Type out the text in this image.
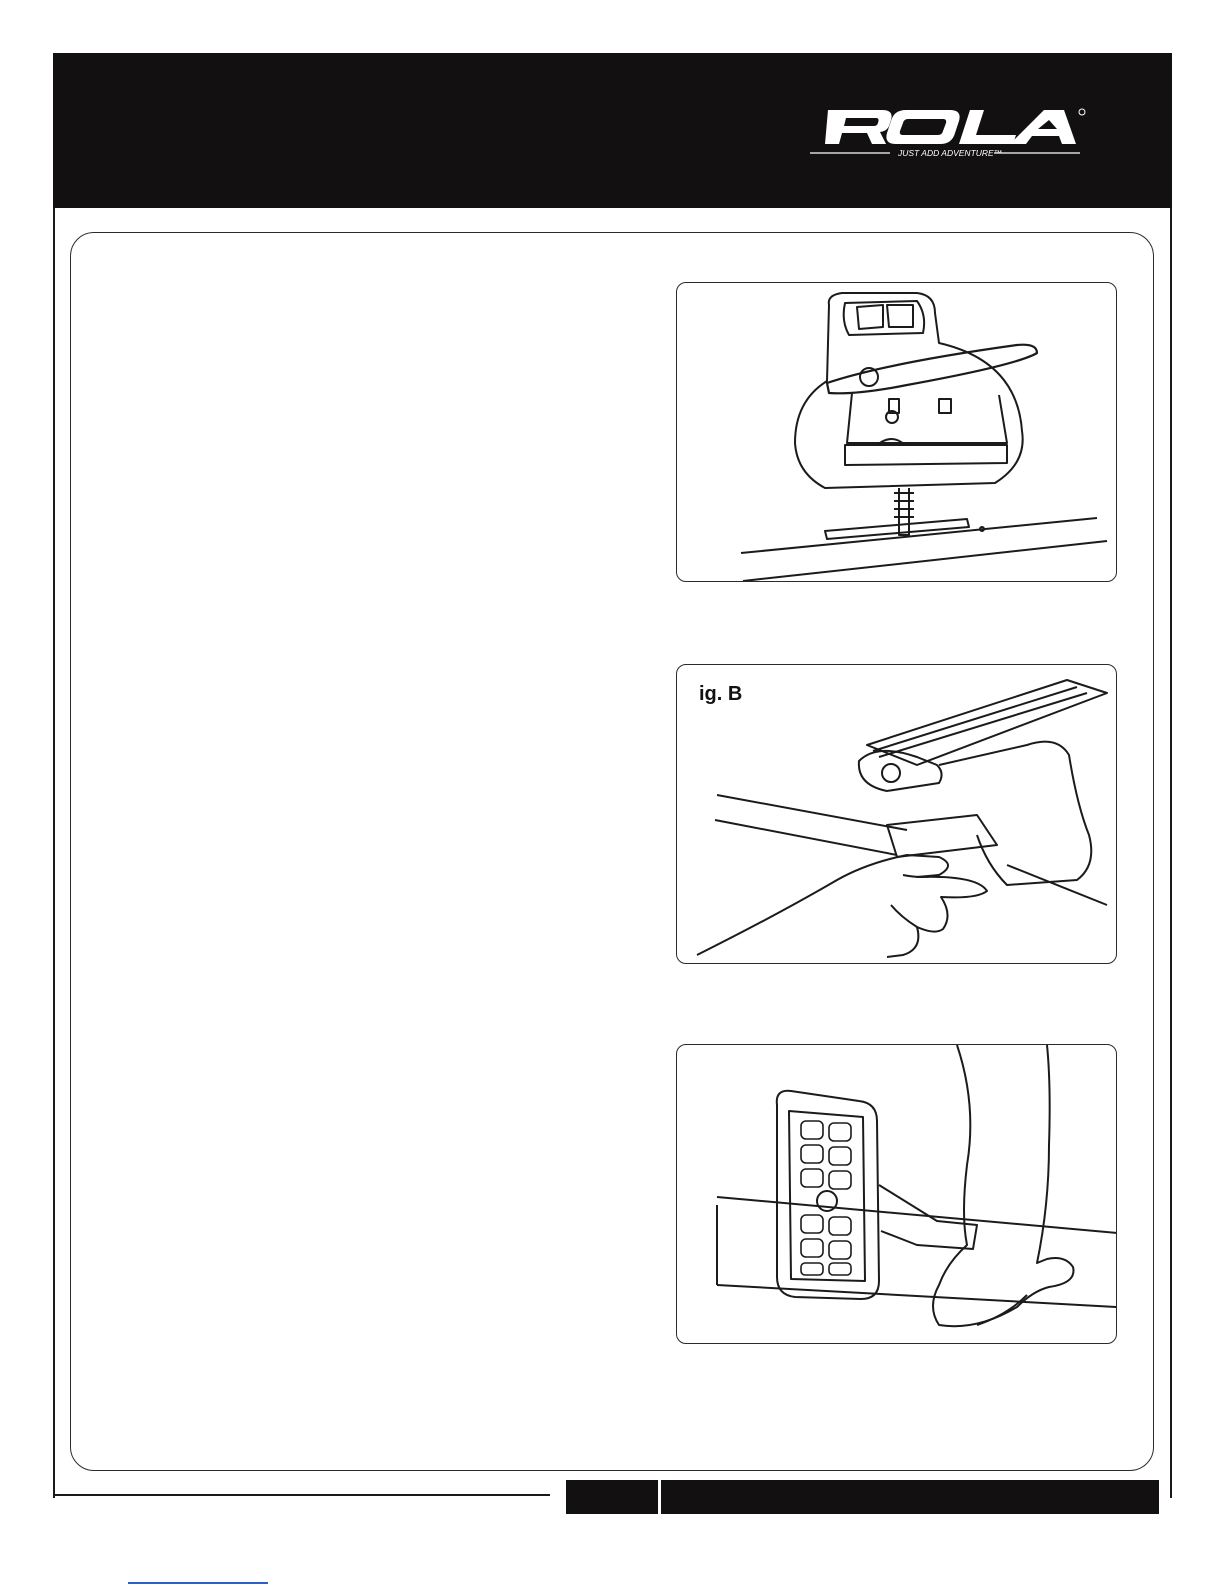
JUST ADD ADVENTURE™
ig. B
